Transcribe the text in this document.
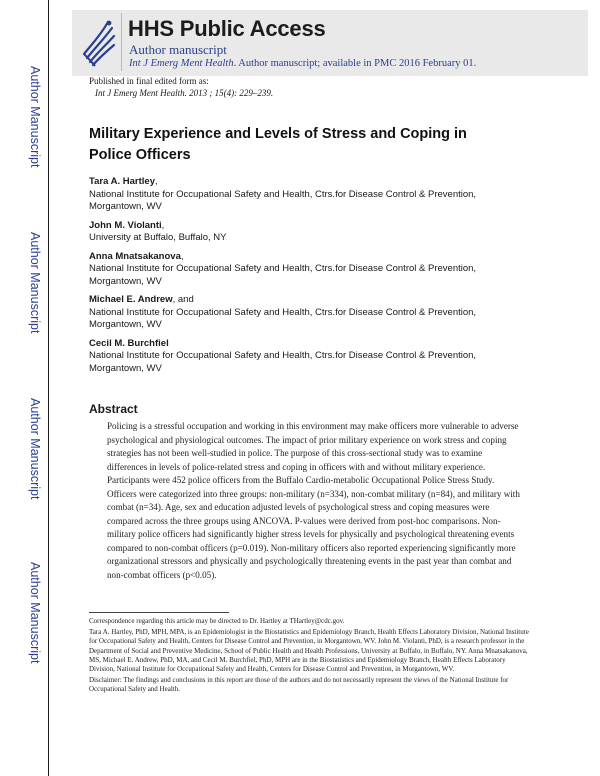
HHS Public Access
Author manuscript
Int J Emerg Ment Health. Author manuscript; available in PMC 2016 February 01.
Author Manuscript
Author Manuscript
Author Manuscript
Author Manuscript
Published in final edited form as:
Int J Emerg Ment Health. 2013 ; 15(4): 229–239.
Military Experience and Levels of Stress and Coping in Police Officers
Tara A. Hartley,
National Institute for Occupational Safety and Health, Ctrs.for Disease Control & Prevention, Morgantown, WV
John M. Violanti,
University at Buffalo, Buffalo, NY
Anna Mnatsakanova,
National Institute for Occupational Safety and Health, Ctrs.for Disease Control & Prevention, Morgantown, WV
Michael E. Andrew, and
National Institute for Occupational Safety and Health, Ctrs.for Disease Control & Prevention, Morgantown, WV
Cecil M. Burchfiel
National Institute for Occupational Safety and Health, Ctrs.for Disease Control & Prevention, Morgantown, WV
Abstract
Policing is a stressful occupation and working in this environment may make officers more vulnerable to adverse psychological and physiological outcomes. The impact of prior military experience on work stress and coping strategies has not been well-studied in police. The purpose of this cross-sectional study was to examine differences in levels of police-related stress and coping in officers with and without military experience. Participants were 452 police officers from the Buffalo Cardio-metabolic Occupational Police Stress Study. Officers were categorized into three groups: non-military (n=334), non-combat military (n=84), and military with combat (n=34). Age, sex and education adjusted levels of psychological stress and coping measures were compared across the three groups using ANCOVA. P-values were derived from post-hoc comparisons. Non-military police officers had significantly higher stress levels for physically and psychological threatening events compared to non-combat officers (p=0.019). Non-military officers also reported experiencing significantly more organizational stressors and physically and psychologically threatening events in the past year than combat and non-combat officers (p<0.05).

Correspondence regarding this article may be directed to Dr. Hartley at THartley@cdc.gov.

Tara A. Hartley, PhD, MPH, MPA, is an Epidemiologist in the Biostatistics and Epidemiology Branch, Health Effects Laboratory Division, National Institute for Occupational Safety and Health, Centers for Disease Control and Prevention, in Morgantown, WV. John M. Violanti, PhD, is a research professor in the Department of Social and Preventive Medicine, School of Public Health and Health Professions, University at Buffalo, in Buffalo, NY. Anna Mnatsakanova, MS, Michael E. Andrew, PhD, MA, and Cecil M. Burchfiel, PhD, MPH are in the Biostatistics and Epidemiology Branch, Health Effects Laboratory Division, National Institute for Occupational Safety and Health, Centers for Disease Control and Prevention, in Morgantown, WV.

Disclaimer: The findings and conclusions in this report are those of the authors and do not necessarily represent the views of the National Institute for Occupational Safety and Health.
